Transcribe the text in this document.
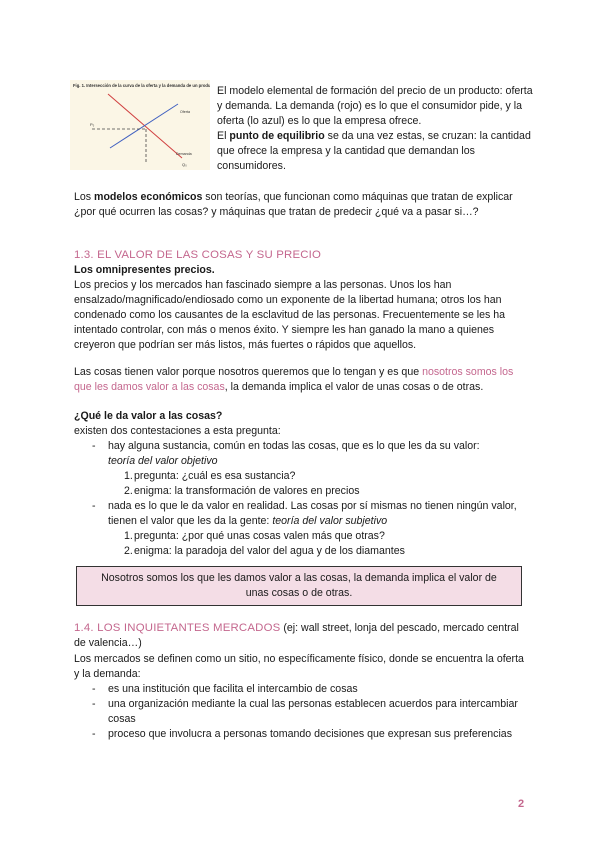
Fig. 1. Intersección de la curva de la oferta y la demanda de un producto
P₀
Oferta
Demanda
Q₀

El modelo elemental de formación del precio de un producto: oferta y demanda. La demanda (rojo) es lo que el consumidor pide, y la oferta (lo azul) es lo que la empresa ofrece.

El punto de equilibrio se da una vez estas, se cruzan: la cantidad que ofrece la empresa y la cantidad que demandan los consumidores.

Los modelos económicos son teorías, que funcionan como máquinas que tratan de explicar ¿por qué ocurren las cosas? y máquinas que tratan de predecir ¿qué va a pasar si…?

1.3. EL VALOR DE LAS COSAS Y SU PRECIO
Los omnipresentes precios.

Los precios y los mercados han fascinado siempre a las personas. Unos los han ensalzado/magnificado/endiosado como un exponente de la libertad humana; otros los han condenado como los causantes de la esclavitud de las personas. Frecuentemente se les ha intentado controlar, con más o menos éxito. Y siempre les han ganado la mano a quienes creyeron que podrían ser más listos, más fuertes o rápidos que aquellos.

Las cosas tienen valor porque nosotros queremos que lo tengan y es que nosotros somos los que les damos valor a las cosas, la demanda implica el valor de unas cosas o de otras.

¿Qué le da valor a las cosas?
existen dos contestaciones a esta pregunta:
- hay alguna sustancia, común en todas las cosas, que es lo que les da su valor:
teoría del valor objetivo
1. pregunta: ¿cuál es esa sustancia?
2. enigma: la transformación de valores en precios
- nada es lo que le da valor en realidad. Las cosas por sí mismas no tienen ningún valor, tienen el valor que les da la gente: teoría del valor subjetivo
1. pregunta: ¿por qué unas cosas valen más que otras?
2. enigma: la paradoja del valor del agua y de los diamantes
Nosotros somos los que les damos valor a las cosas, la demanda implica el valor de unas cosas o de otras.

1.4. LOS INQUIETANTES MERCADOS (ej: wall street, lonja del pescado, mercado central de valencia…)

Los mercados se definen como un sitio, no específicamente físico, donde se encuentra la oferta y la demanda:

- es una institución que facilita el intercambio de cosas
- una organización mediante la cual las personas establecen acuerdos para intercambiar cosas
- proceso que involucra a personas tomando decisiones que expresan sus preferencias
2
